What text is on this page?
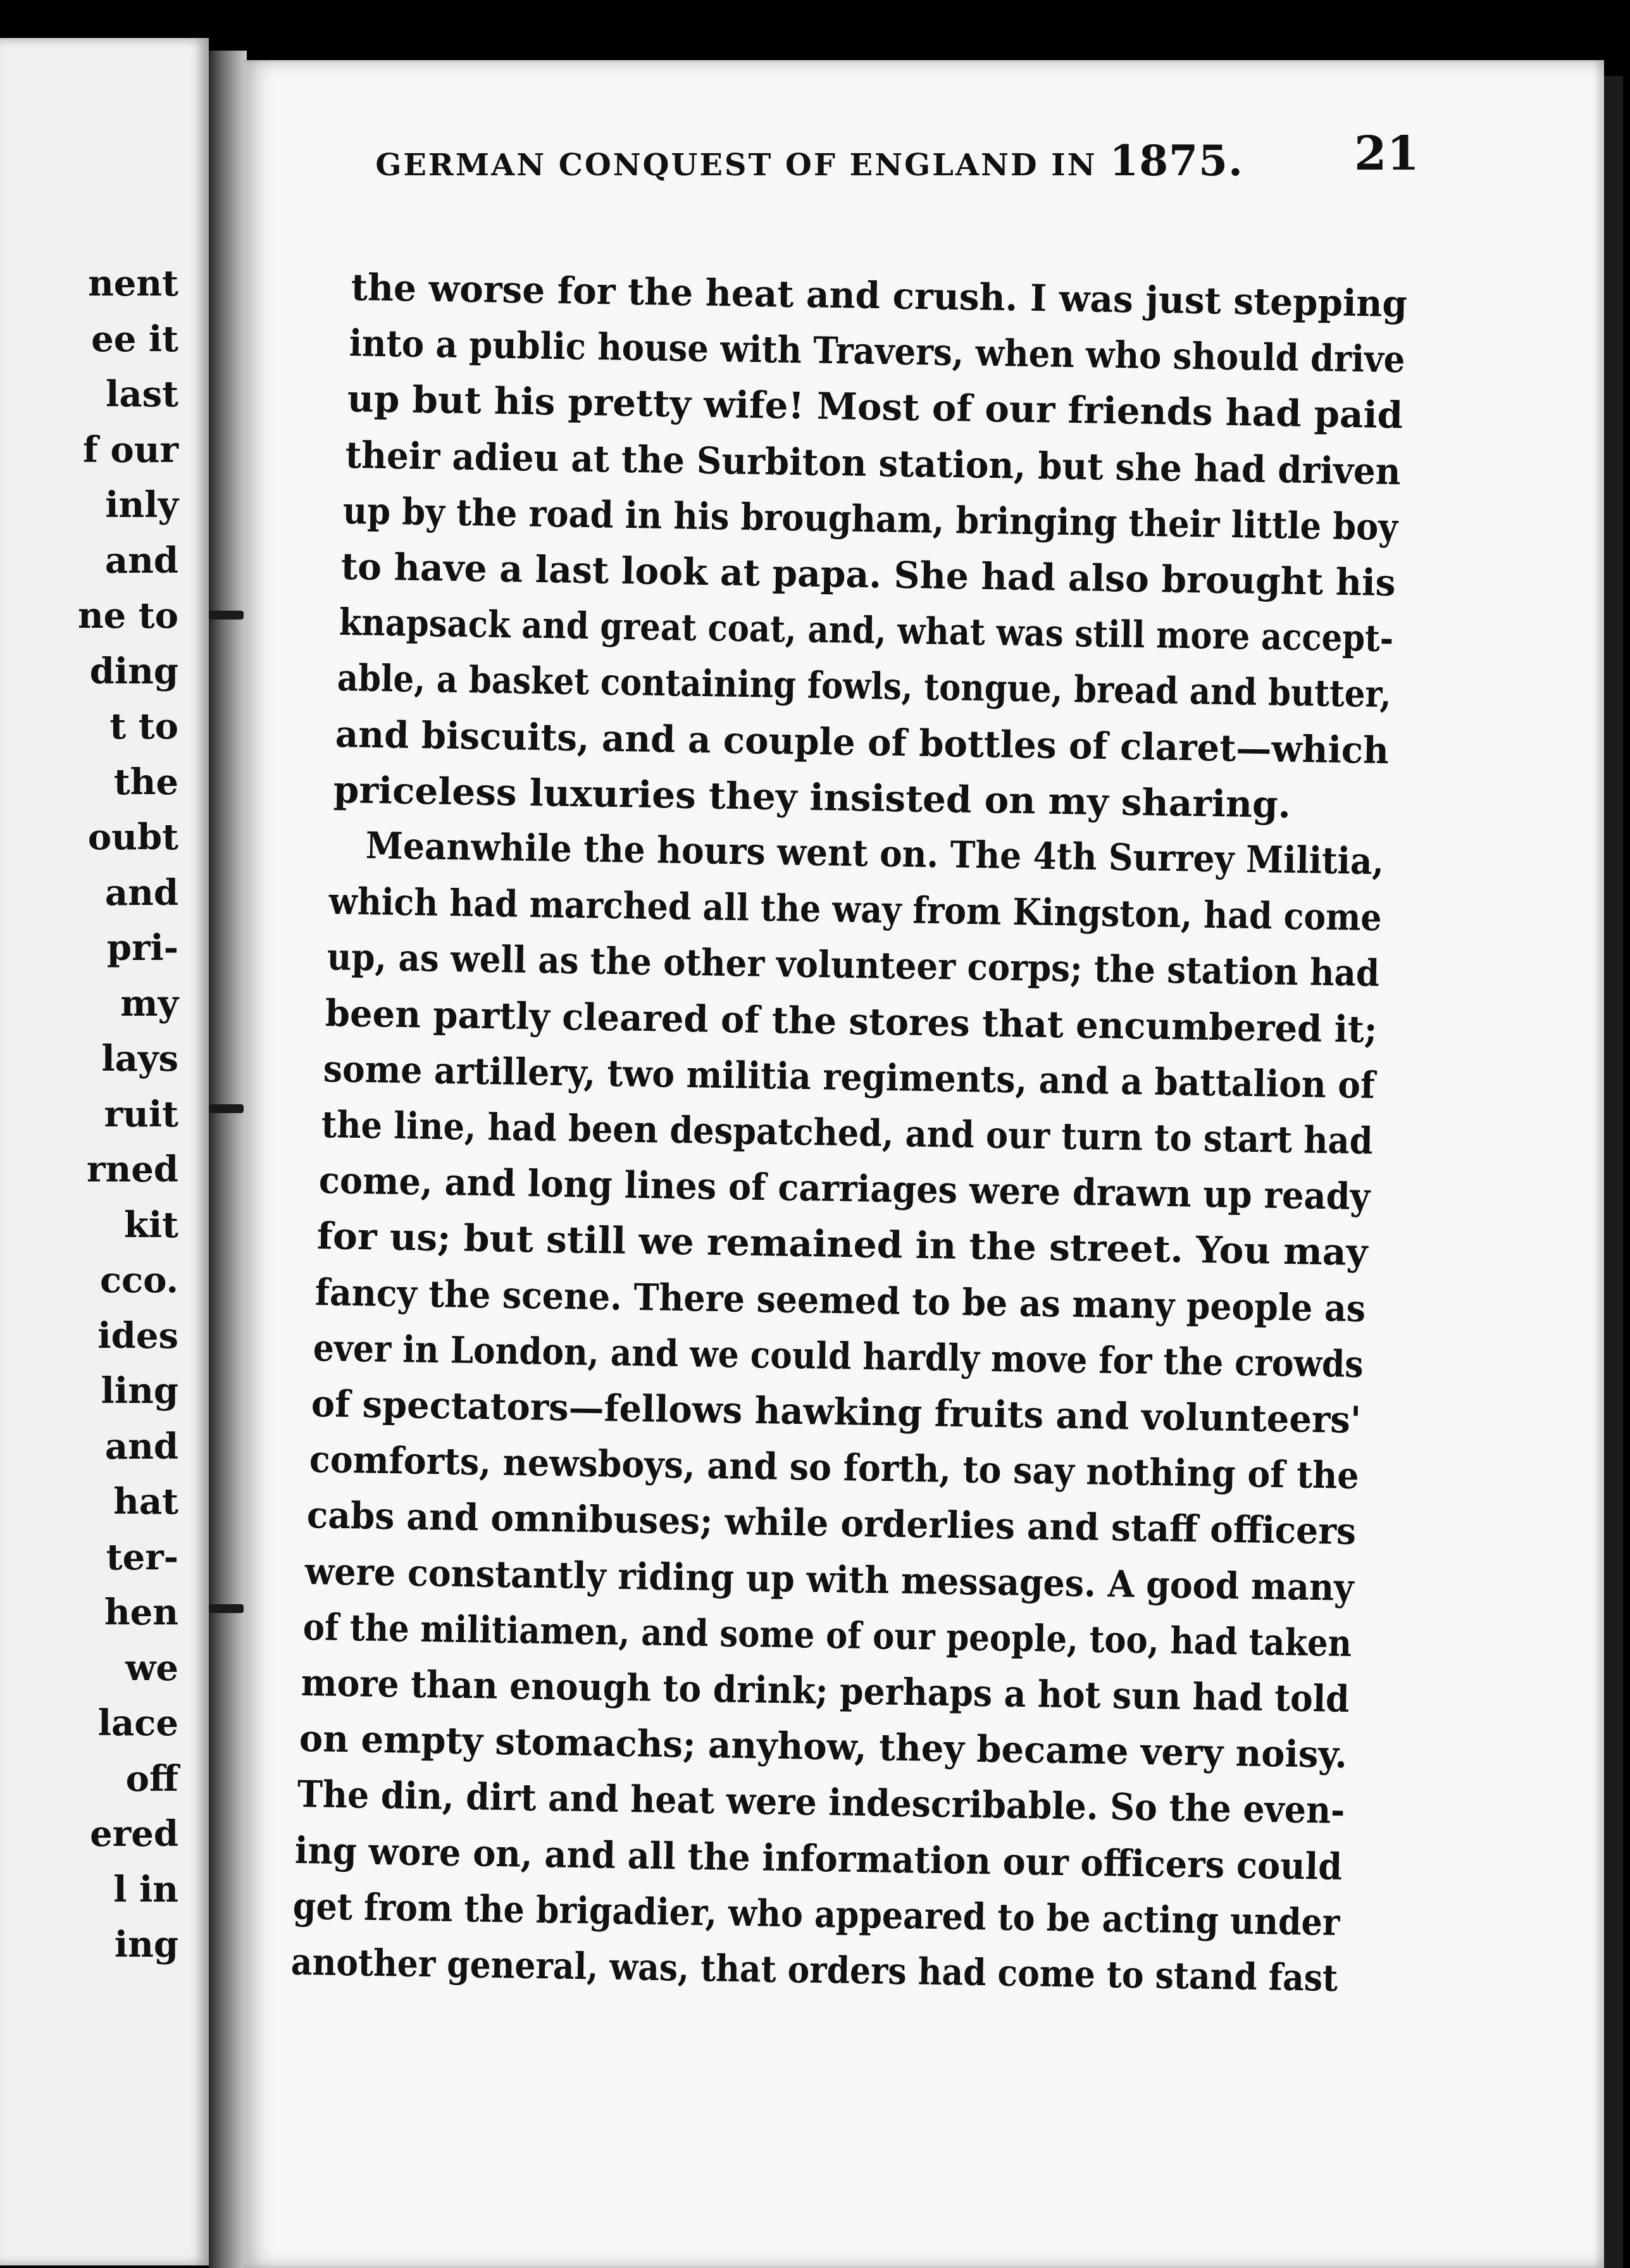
nent
ee it
last
f our
inly
and
ne to
ding
t to
the
oubt
and
pri-
my
lays
ruit
rned
kit
cco.
ides
ling
and
hat
ter-
hen
we
lace
off
ered
l in
ing
GERMAN CONQUEST OF ENGLAND IN 1875. 21
the worse for the heat and crush. I was just stepping
into a public house with Travers, when who should drive
up but his pretty wife! Most of our friends had paid
their adieu at the Surbiton station, but she had driven
up by the road in his brougham, bringing their little boy
to have a last look at papa. She had also brought his
knapsack and great coat, and, what was still more accept-
able, a basket containing fowls, tongue, bread and butter,
and biscuits, and a couple of bottles of claret—which
priceless luxuries they insisted on my sharing.
Meanwhile the hours went on. The 4th Surrey Militia,
which had marched all the way from Kingston, had come
up, as well as the other volunteer corps; the station had
been partly cleared of the stores that encumbered it;
some artillery, two militia regiments, and a battalion of
the line, had been despatched, and our turn to start had
come, and long lines of carriages were drawn up ready
for us; but still we remained in the street. You may
fancy the scene. There seemed to be as many people as
ever in London, and we could hardly move for the crowds
of spectators—fellows hawking fruits and volunteers'
comforts, newsboys, and so forth, to say nothing of the
cabs and omnibuses; while orderlies and staff officers
were constantly riding up with messages. A good many
of the militiamen, and some of our people, too, had taken
more than enough to drink; perhaps a hot sun had told
on empty stomachs; anyhow, they became very noisy.
The din, dirt and heat were indescribable. So the even-
ing wore on, and all the information our officers could
get from the brigadier, who appeared to be acting under
another general, was, that orders had come to stand fast
